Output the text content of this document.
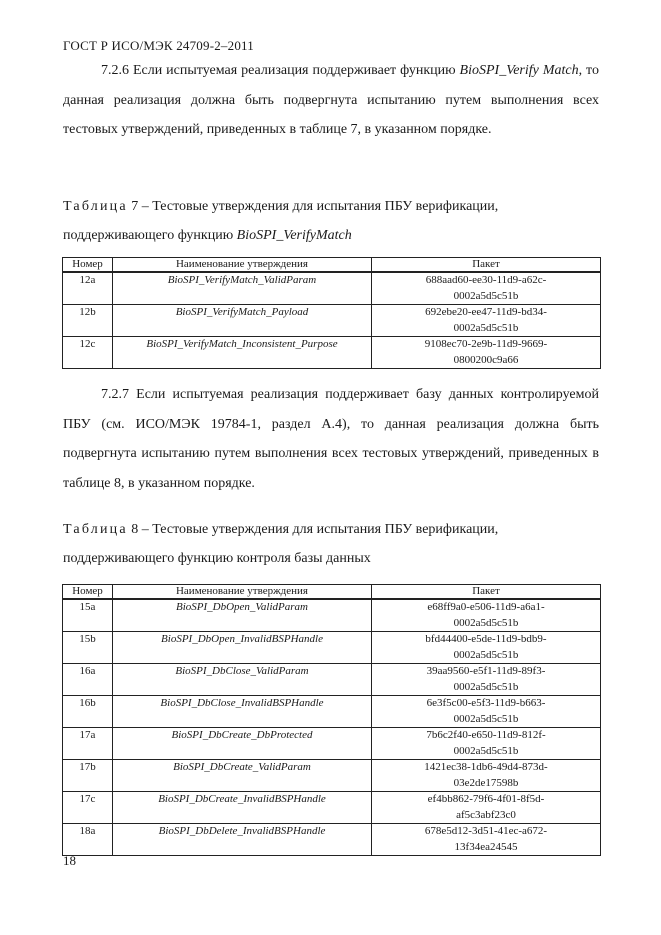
ГОСТ Р ИСО/МЭК 24709-2–2011

7.2.6 Если испытуемая реализация поддерживает функцию BioSPI_Verify Match, то данная реализация должна быть подвергнута испытанию путем выполнения всех тестовых утверждений, приведенных в таблице 7, в указанном порядке.

Таблица 7 – Тестовые утверждения для испытания ПБУ верификации,
поддерживающего функцию BioSPI_VerifyMatch

Номер	Наименование утверждения	Пакет
12a	BioSPI_VerifyMatch_ValidParam	688aad60-ee30-11d9-a62c-
0002a5d5c51b
12b	BioSPI_VerifyMatch_Payload	692ebe20-ee47-11d9-bd34-
0002a5d5c51b
12c	BioSPI_VerifyMatch_Inconsistent_Purpose	9108ec70-2e9b-11d9-9669-
0800200c9a66

7.2.7 Если испытуемая реализация поддерживает базу данных контролируемой ПБУ (см. ИСО/МЭК 19784-1, раздел А.4), то данная реализация должна быть подвергнута испытанию путем выполнения всех тестовых утверждений, приведенных в таблице 8, в указанном порядке.

Таблица 8 – Тестовые утверждения для испытания ПБУ верификации,
поддерживающего функцию контроля базы данных

Номер	Наименование утверждения	Пакет
15a	BioSPI_DbOpen_ValidParam	e68ff9a0-e506-11d9-a6a1-
0002a5d5c51b
15b	BioSPI_DbOpen_InvalidBSPHandle	bfd44400-e5de-11d9-bdb9-
0002a5d5c51b
16a	BioSPI_DbClose_ValidParam	39aa9560-e5f1-11d9-89f3-
0002a5d5c51b
16b	BioSPI_DbClose_InvalidBSPHandle	6e3f5c00-e5f3-11d9-b663-
0002a5d5c51b
17a	BioSPI_DbCreate_DbProtected	7b6c2f40-e650-11d9-812f-
0002a5d5c51b
17b	BioSPI_DbCreate_ValidParam	1421ec38-1db6-49d4-873d-
03e2de17598b
17c	BioSPI_DbCreate_InvalidBSPHandle	ef4bb862-79f6-4f01-8f5d-
af5c3abf23c0
18a	BioSPI_DbDelete_InvalidBSPHandle	678e5d12-3d51-41ec-a672-
13f34ea24545
18
